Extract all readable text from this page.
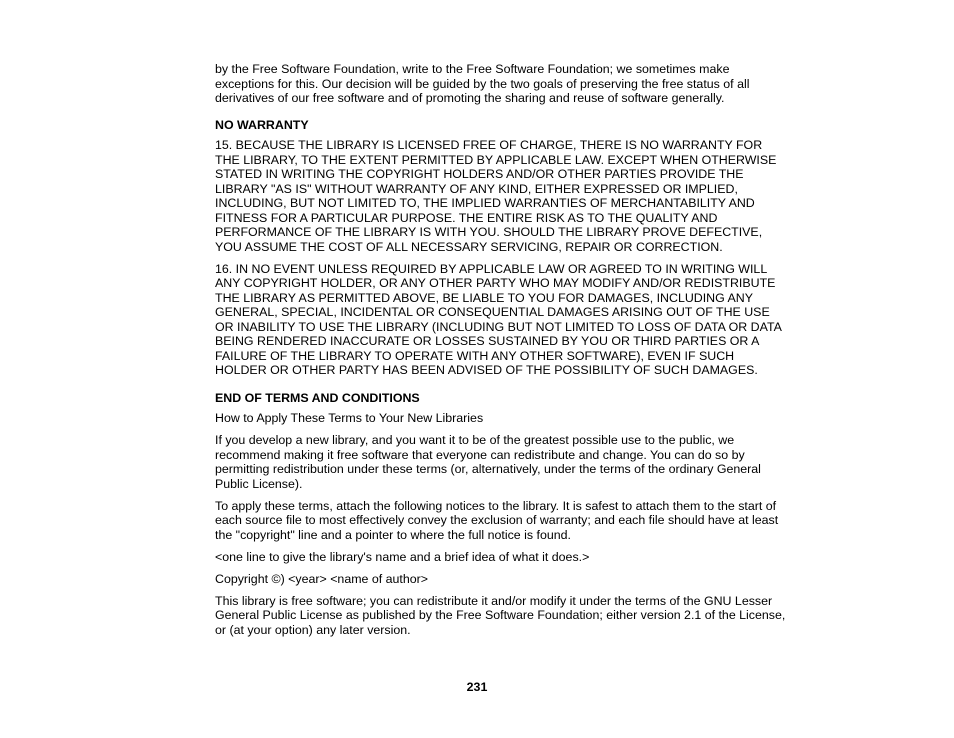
by the Free Software Foundation, write to the Free Software Foundation; we sometimes make
exceptions for this. Our decision will be guided by the two goals of preserving the free status of all
derivatives of our free software and of promoting the sharing and reuse of software generally.

NO WARRANTY

15. BECAUSE THE LIBRARY IS LICENSED FREE OF CHARGE, THERE IS NO WARRANTY FOR
THE LIBRARY, TO THE EXTENT PERMITTED BY APPLICABLE LAW. EXCEPT WHEN OTHERWISE
STATED IN WRITING THE COPYRIGHT HOLDERS AND/OR OTHER PARTIES PROVIDE THE
LIBRARY "AS IS" WITHOUT WARRANTY OF ANY KIND, EITHER EXPRESSED OR IMPLIED,
INCLUDING, BUT NOT LIMITED TO, THE IMPLIED WARRANTIES OF MERCHANTABILITY AND
FITNESS FOR A PARTICULAR PURPOSE. THE ENTIRE RISK AS TO THE QUALITY AND
PERFORMANCE OF THE LIBRARY IS WITH YOU. SHOULD THE LIBRARY PROVE DEFECTIVE,
YOU ASSUME THE COST OF ALL NECESSARY SERVICING, REPAIR OR CORRECTION.

16. IN NO EVENT UNLESS REQUIRED BY APPLICABLE LAW OR AGREED TO IN WRITING WILL
ANY COPYRIGHT HOLDER, OR ANY OTHER PARTY WHO MAY MODIFY AND/OR REDISTRIBUTE
THE LIBRARY AS PERMITTED ABOVE, BE LIABLE TO YOU FOR DAMAGES, INCLUDING ANY
GENERAL, SPECIAL, INCIDENTAL OR CONSEQUENTIAL DAMAGES ARISING OUT OF THE USE
OR INABILITY TO USE THE LIBRARY (INCLUDING BUT NOT LIMITED TO LOSS OF DATA OR DATA
BEING RENDERED INACCURATE OR LOSSES SUSTAINED BY YOU OR THIRD PARTIES OR A
FAILURE OF THE LIBRARY TO OPERATE WITH ANY OTHER SOFTWARE), EVEN IF SUCH
HOLDER OR OTHER PARTY HAS BEEN ADVISED OF THE POSSIBILITY OF SUCH DAMAGES.

END OF TERMS AND CONDITIONS

How to Apply These Terms to Your New Libraries

If you develop a new library, and you want it to be of the greatest possible use to the public, we
recommend making it free software that everyone can redistribute and change. You can do so by
permitting redistribution under these terms (or, alternatively, under the terms of the ordinary General
Public License).

To apply these terms, attach the following notices to the library. It is safest to attach them to the start of
each source file to most effectively convey the exclusion of warranty; and each file should have at least
the "copyright" line and a pointer to where the full notice is found.

<one line to give the library's name and a brief idea of what it does.>

Copyright ©) <year> <name of author>

This library is free software; you can redistribute it and/or modify it under the terms of the GNU Lesser
General Public License as published by the Free Software Foundation; either version 2.1 of the License,
or (at your option) any later version.

231
